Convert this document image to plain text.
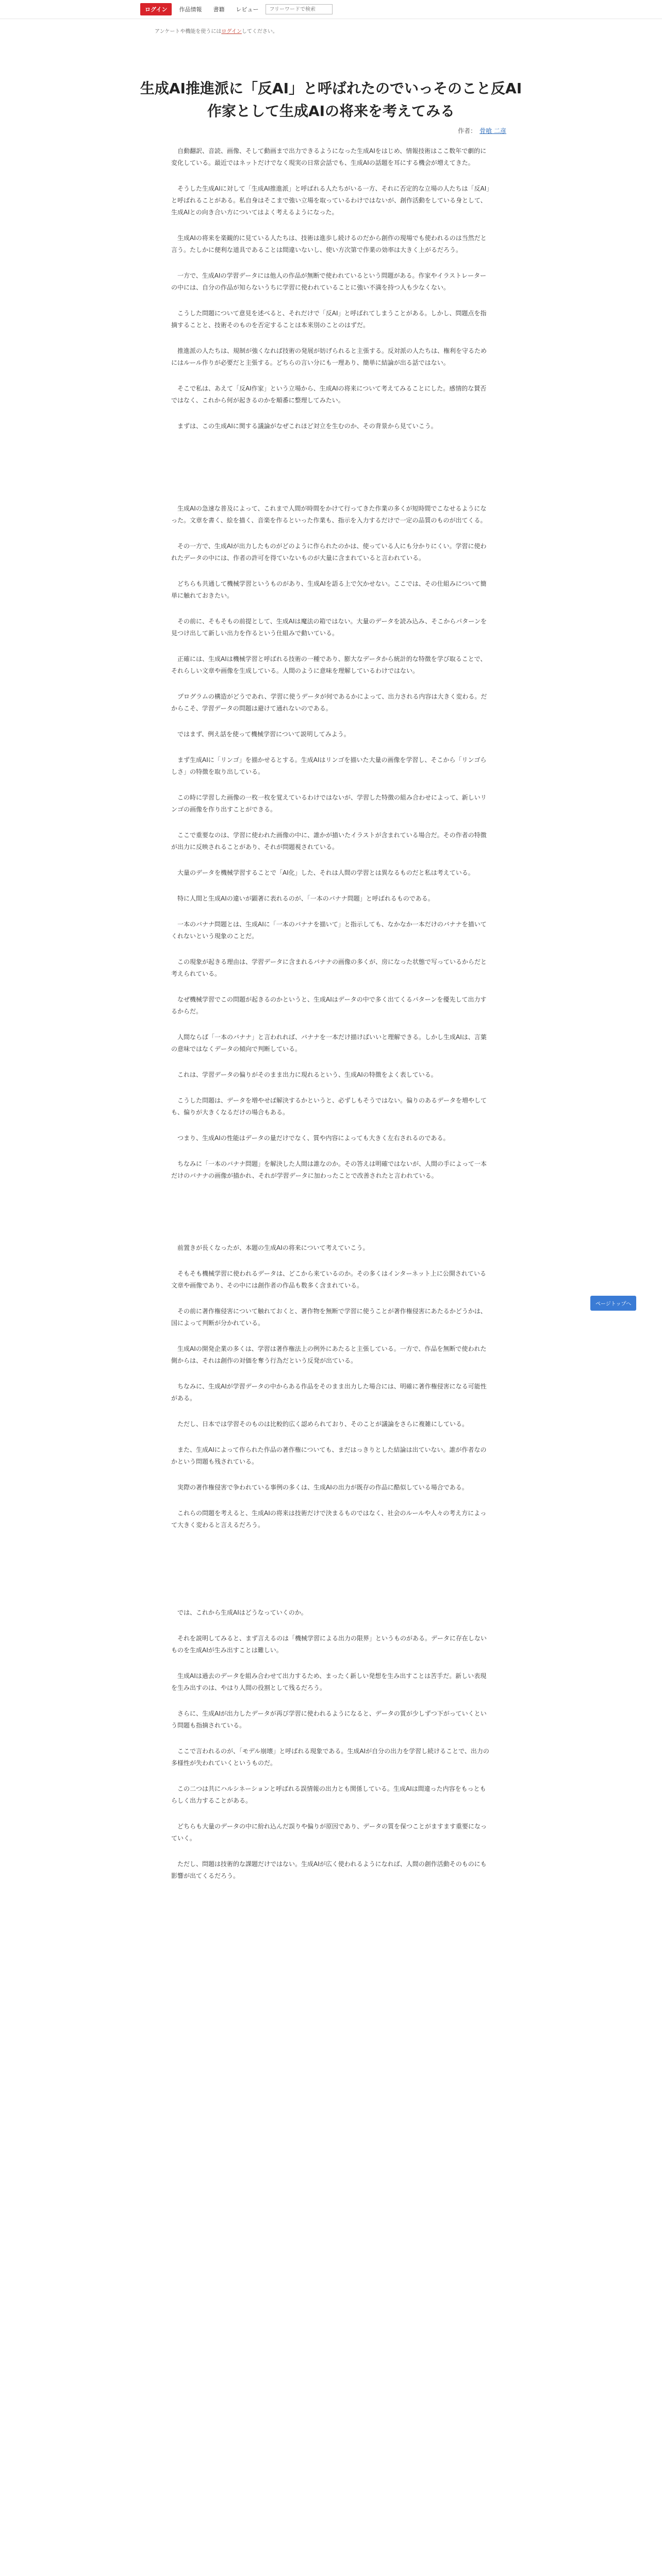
ログイン	作品情報	書籍	レビュー
フリーワードで検索
アンケートや機能を使うにはログインしてください。
生成AI推進派に「反AI」と呼ばれたのでいっそのこと反AI
作家として生成AIの将来を考えてみる
作者： 骨喰 二彦

自動翻訳、音読、画像、そして動画まで出力できるようになった生成AIをはじめ、情報技術はここ数年で劇的に変化している。最近ではネットだけでなく現実の日常会話でも、生成AIの話題を耳にする機会が増えてきた。

そうした生成AIに対して「生成AI推進派」と呼ばれる人たちがいる一方、それに否定的な立場の人たちは「反AI」と呼ばれることがある。私自身はそこまで強い立場を取っているわけではないが、創作活動をしている身として、生成AIとの向き合い方についてはよく考えるようになった。

生成AIの将来を楽観的に見ている人たちは、技術は進歩し続けるのだから創作の現場でも使われるのは当然だと言う。たしかに便利な道具であることは間違いないし、使い方次第で作業の効率は大きく上がるだろう。

一方で、生成AIの学習データには他人の作品が無断で使われているという問題がある。作家やイラストレーターの中には、自分の作品が知らないうちに学習に使われていることに強い不満を持つ人も少なくない。

こうした問題について意見を述べると、それだけで「反AI」と呼ばれてしまうことがある。しかし、問題点を指摘することと、技術そのものを否定することは本来別のことのはずだ。

推進派の人たちは、規制が強くなれば技術の発展が妨げられると主張する。反対派の人たちは、権利を守るためにはルール作りが必要だと主張する。どちらの言い分にも一理あり、簡単に結論が出る話ではない。

そこで私は、あえて「反AI作家」という立場から、生成AIの将来について考えてみることにした。感情的な賛否ではなく、これから何が起きるのかを順番に整理してみたい。

まずは、この生成AIに関する議論がなぜこれほど対立を生むのか、その背景から見ていこう。

生成AIの急速な普及によって、これまで人間が時間をかけて行ってきた作業の多くが短時間でこなせるようになった。文章を書く、絵を描く、音楽を作るといった作業も、指示を入力するだけで一定の品質のものが出てくる。

その一方で、生成AIが出力したものがどのように作られたのかは、使っている人にも分かりにくい。学習に使われたデータの中には、作者の許可を得ていないものが大量に含まれていると言われている。

どちらも共通して機械学習というものがあり、生成AIを語る上で欠かせない。ここでは、その仕組みについて簡単に触れておきたい。

その前に、そもそもの前提として、生成AIは魔法の箱ではない。大量のデータを読み込み、そこからパターンを見つけ出して新しい出力を作るという仕組みで動いている。

正確には、生成AIは機械学習と呼ばれる技術の一種であり、膨大なデータから統計的な特徴を学び取ることで、それらしい文章や画像を生成している。人間のように意味を理解しているわけではない。

プログラムの構造がどうであれ、学習に使うデータが何であるかによって、出力される内容は大きく変わる。だからこそ、学習データの問題は避けて通れないのである。

ではまず、例え話を使って機械学習について説明してみよう。

まず生成AIに「リンゴ」を描かせるとする。生成AIはリンゴを描いた大量の画像を学習し、そこから「リンゴらしさ」の特徴を取り出している。

この時に学習した画像の一枚一枚を覚えているわけではないが、学習した特徴の組み合わせによって、新しいリンゴの画像を作り出すことができる。

ここで重要なのは、学習に使われた画像の中に、誰かが描いたイラストが含まれている場合だ。その作者の特徴が出力に反映されることがあり、それが問題視されている。

大量のデータを機械学習することで「AI化」した、それは人間の学習とは異なるものだと私は考えている。

特に人間と生成AIの違いが顕著に表れるのが、「一本のバナナ問題」と呼ばれるものである。

一本のバナナ問題とは、生成AIに「一本のバナナを描いて」と指示しても、なかなか一本だけのバナナを描いてくれないという現象のことだ。

この現象が起きる理由は、学習データに含まれるバナナの画像の多くが、房になった状態で写っているからだと考えられている。

なぜ機械学習でこの問題が起きるのかというと、生成AIはデータの中で多く出てくるパターンを優先して出力するからだ。

人間ならば「一本のバナナ」と言われれば、バナナを一本だけ描けばいいと理解できる。しかし生成AIは、言葉の意味ではなくデータの傾向で判断している。

これは、学習データの偏りがそのまま出力に現れるという、生成AIの特徴をよく表している。

こうした問題は、データを増やせば解決するかというと、必ずしもそうではない。偏りのあるデータを増やしても、偏りが大きくなるだけの場合もある。

つまり、生成AIの性能はデータの量だけでなく、質や内容によっても大きく左右されるのである。

ちなみに「一本のバナナ問題」を解決した人間は誰なのか。その答えは明確ではないが、人間の手によって一本だけのバナナの画像が描かれ、それが学習データに加わったことで改善されたと言われている。

前置きが長くなったが、本題の生成AIの将来について考えていこう。

そもそも機械学習に使われるデータは、どこから来ているのか。その多くはインターネット上に公開されている文章や画像であり、その中には創作者の作品も数多く含まれている。

その前に著作権侵害について触れておくと、著作物を無断で学習に使うことが著作権侵害にあたるかどうかは、国によって判断が分かれている。

生成AIの開発企業の多くは、学習は著作権法上の例外にあたると主張している。一方で、作品を無断で使われた側からは、それは創作の対価を奪う行為だという反発が出ている。

ちなみに、生成AIが学習データの中からある作品をそのまま出力した場合には、明確に著作権侵害になる可能性がある。

ただし、日本では学習そのものは比較的広く認められており、そのことが議論をさらに複雑にしている。

また、生成AIによって作られた作品の著作権についても、まだはっきりとした結論は出ていない。誰が作者なのかという問題も残されている。

実際の著作権侵害で争われている事例の多くは、生成AIの出力が既存の作品に酷似している場合である。

これらの問題を考えると、生成AIの将来は技術だけで決まるものではなく、社会のルールや人々の考え方によって大きく変わると言えるだろう。

では、これから生成AIはどうなっていくのか。

それを説明してみると、まず言えるのは「機械学習による出力の限界」というものがある。データに存在しないものを生成AIが生み出すことは難しい。

生成AIは過去のデータを組み合わせて出力するため、まったく新しい発想を生み出すことは苦手だ。新しい表現を生み出すのは、やはり人間の役割として残るだろう。

さらに、生成AIが出力したデータが再び学習に使われるようになると、データの質が少しずつ下がっていくという問題も指摘されている。

ここで言われるのが、「モデル崩壊」と呼ばれる現象である。生成AIが自分の出力を学習し続けることで、出力の多様性が失われていくというものだ。

この二つは共にハルシネーションと呼ばれる誤情報の出力とも関係している。生成AIは間違った内容をもっともらしく出力することがある。

どちらも大量のデータの中に紛れ込んだ誤りや偏りが原因であり、データの質を保つことがますます重要になっていく。

ただし、問題は技術的な課題だけではない。生成AIが広く使われるようになれば、人間の創作活動そのものにも影響が出てくるだろう。

ページトップへ
